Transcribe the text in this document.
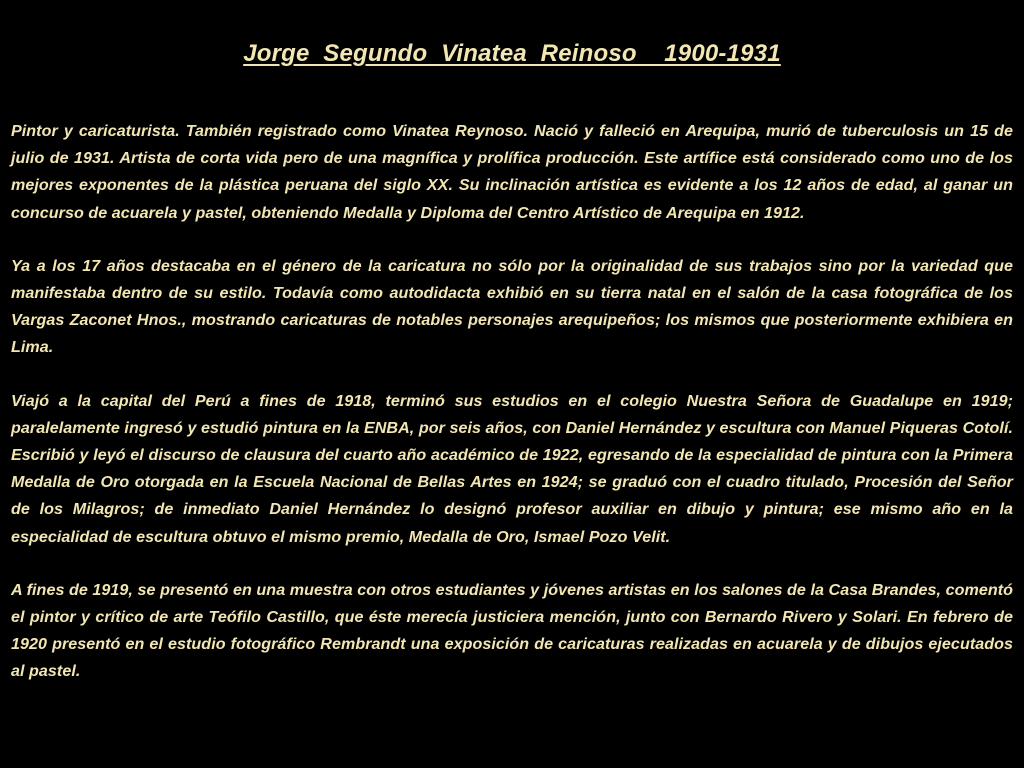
Jorge  Segundo  Vinatea  Reinoso    1900-1931

Pintor y caricaturista. También registrado como Vinatea Reynoso. Nació y falleció en Arequipa, murió de tuberculosis un 15 de julio de 1931. Artista de corta vida pero de una magnífica y prolífica producción. Este artífice está considerado como uno de los mejores exponentes de la plástica peruana del siglo XX. Su inclinación artística es evidente a los 12 años de edad, al ganar un concurso de acuarela y pastel, obteniendo Medalla y Diploma del Centro Artístico de Arequipa en 1912.

Ya a los 17 años destacaba en el género de la caricatura no sólo por la originalidad de sus trabajos sino por la variedad que manifestaba dentro de su estilo. Todavía como autodidacta exhibió en su tierra natal en el salón de la casa fotográfica de los Vargas Zaconet Hnos., mostrando caricaturas de notables personajes arequipeños; los mismos que posteriormente exhibiera en Lima.

Viajó a la capital del Perú a fines de 1918, terminó sus estudios en el colegio Nuestra Señora de Guadalupe en 1919; paralelamente ingresó y estudió pintura en la ENBA, por seis años, con Daniel Hernández y escultura con Manuel Piqueras Cotolí. Escribió y leyó el discurso de clausura del cuarto año académico de 1922, egresando de la especialidad de pintura con la Primera Medalla de Oro otorgada en la Escuela Nacional de Bellas Artes en 1924; se graduó con el cuadro titulado, Procesión del Señor de los Milagros; de inmediato Daniel Hernández lo designó profesor auxiliar en dibujo y pintura; ese mismo año en la especialidad de escultura obtuvo el mismo premio, Medalla de Oro, Ismael Pozo Velit.

A fines de 1919, se presentó en una muestra con otros estudiantes y jóvenes artistas en los salones de la Casa Brandes, comentó el pintor y crítico de arte Teófilo Castillo, que éste merecía justiciera mención, junto con Bernardo Rivero y Solari. En febrero de 1920 presentó en el estudio fotográfico Rembrandt una exposición de caricaturas realizadas en acuarela y de dibujos ejecutados al pastel.
